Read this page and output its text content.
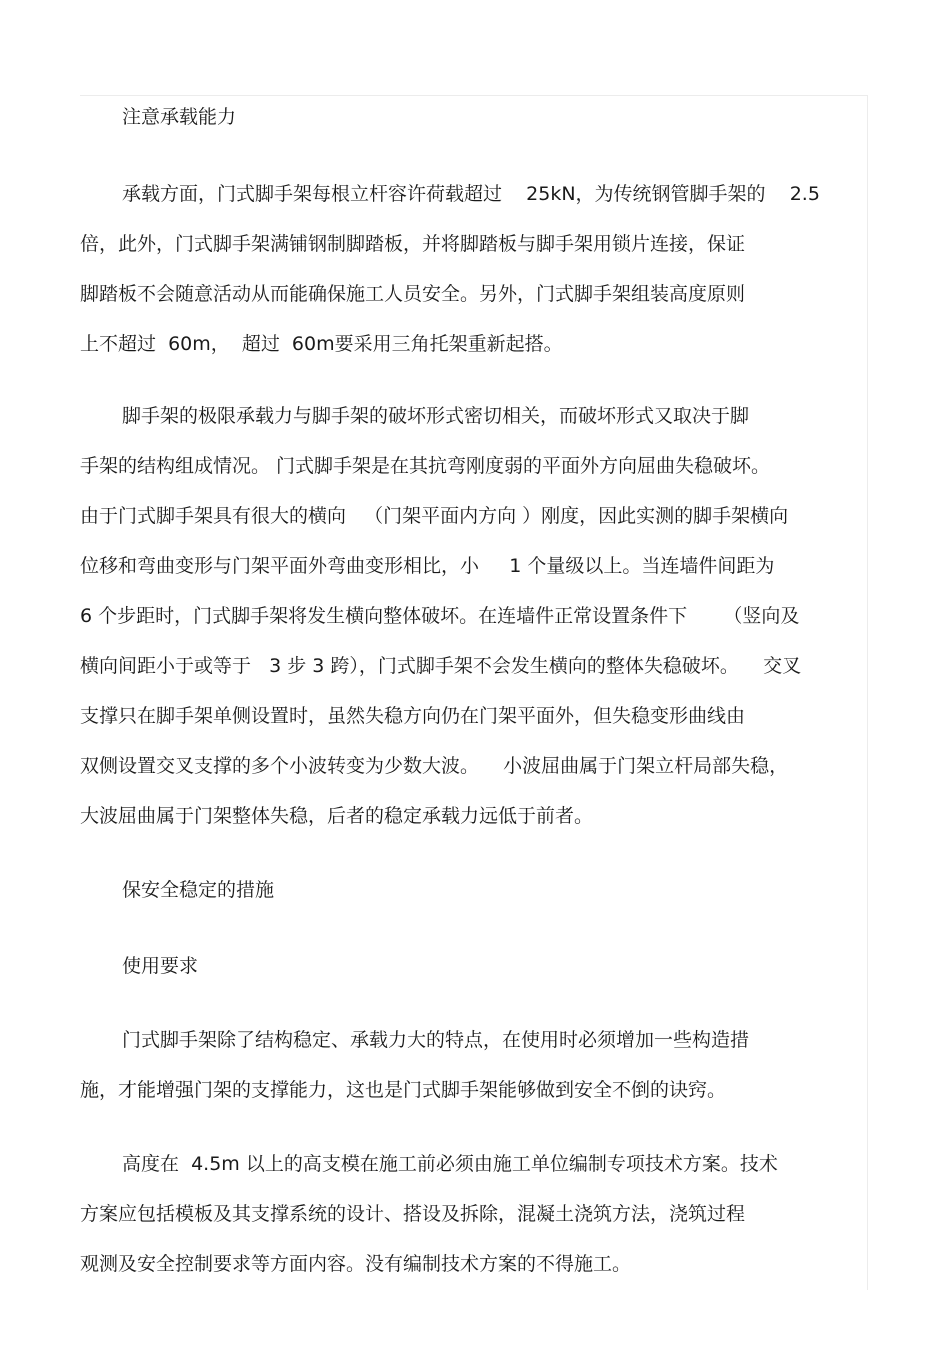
注意承载能力
承载方面，门式脚手架每根立杆容许荷载超过    25kN，为传统钢管脚手架的    2.5
倍，此外，门式脚手架满铺钢制脚踏板，并将脚踏板与脚手架用锁片连接，保证
脚踏板不会随意活动从而能确保施工人员安全。另外，门式脚手架组装高度原则
上不超过  60m，  超过  60m要采用三角托架重新起搭。
脚手架的极限承载力与脚手架的破坏形式密切相关，而破坏形式又取决于脚
手架的结构组成情况。 门式脚手架是在其抗弯刚度弱的平面外方向屈曲失稳破坏。
由于门式脚手架具有很大的横向   （门架平面内方向 ）刚度，因此实测的脚手架横向
位移和弯曲变形与门架平面外弯曲变形相比，小     1 个量级以上。当连墙件间距为
6 个步距时，门式脚手架将发生横向整体破坏。在连墙件正常设置条件下      （竖向及
横向间距小于或等于   3 步 3 跨），门式脚手架不会发生横向的整体失稳破坏。    交叉
支撑只在脚手架单侧设置时，虽然失稳方向仍在门架平面外，但失稳变形曲线由
双侧设置交叉支撑的多个小波转变为少数大波。    小波屈曲属于门架立杆局部失稳，
大波屈曲属于门架整体失稳，后者的稳定承载力远低于前者。
保安全稳定的措施
使用要求
门式脚手架除了结构稳定、承载力大的特点，在使用时必须增加一些构造措
施，才能增强门架的支撑能力，这也是门式脚手架能够做到安全不倒的诀窍。
高度在  4.5m 以上的高支模在施工前必须由施工单位编制专项技术方案。技术
方案应包括模板及其支撑系统的设计、搭设及拆除，混凝土浇筑方法，浇筑过程
观测及安全控制要求等方面内容。没有编制技术方案的不得施工。
